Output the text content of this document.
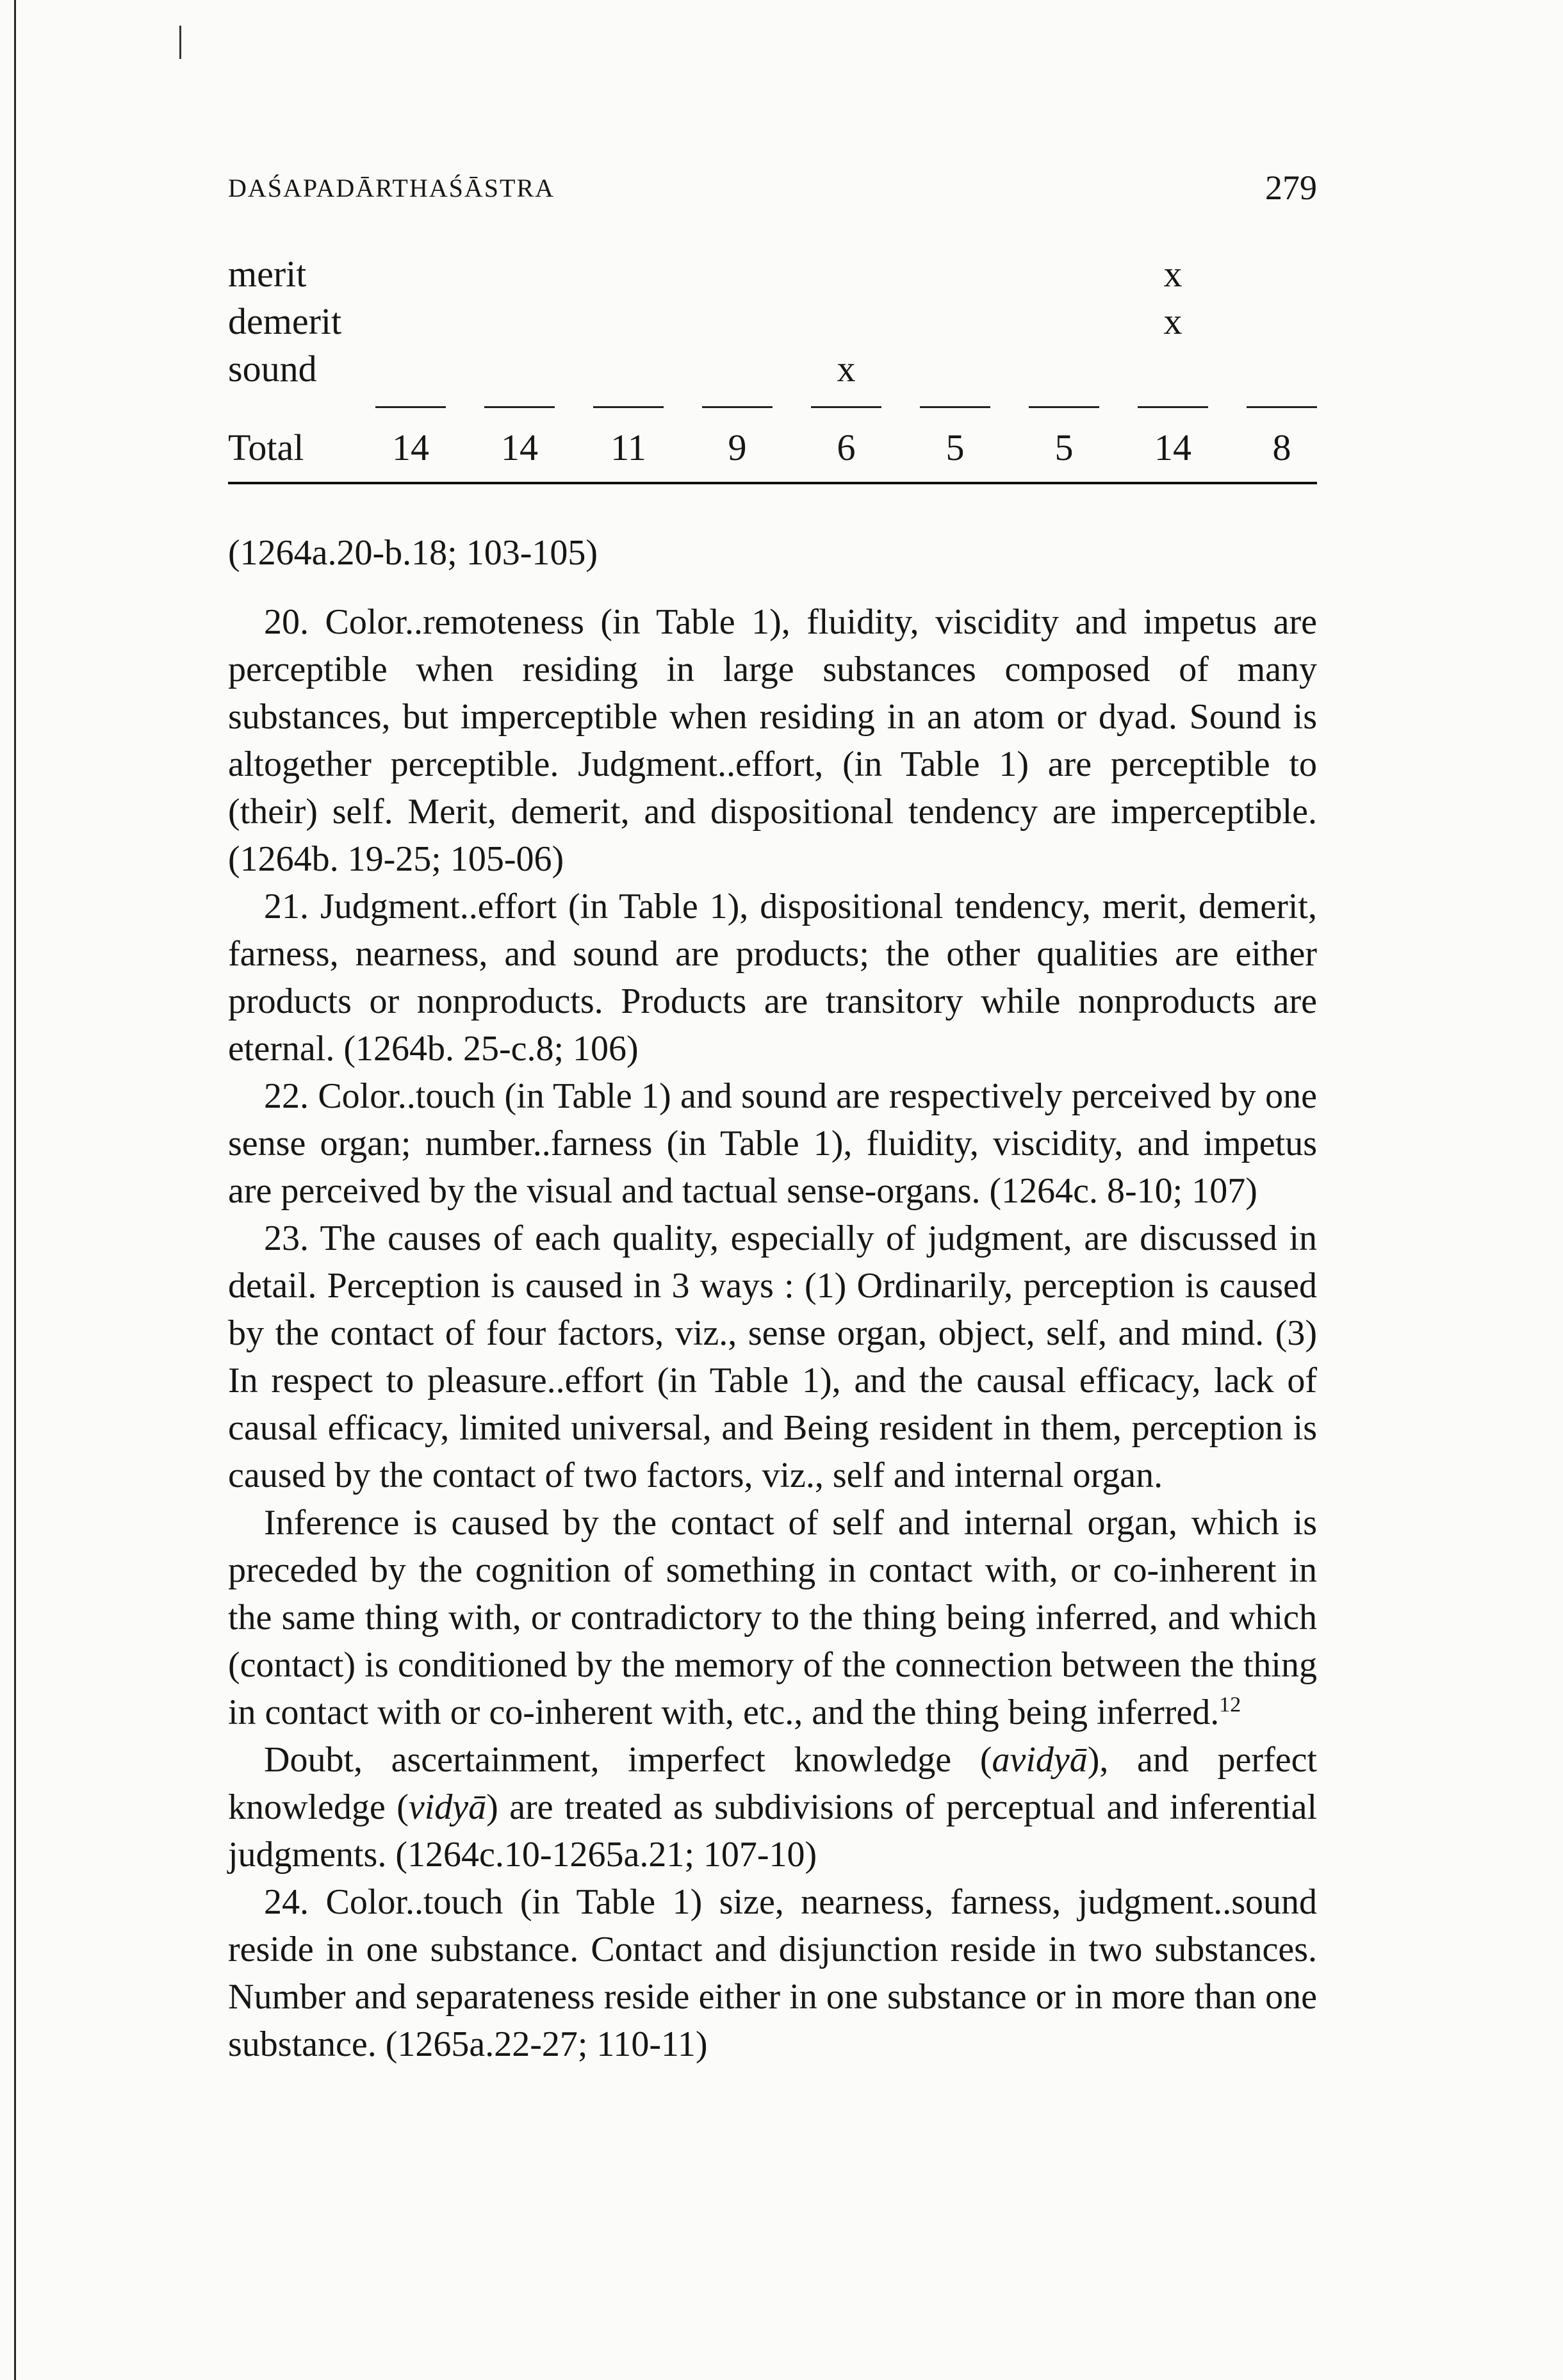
DAŚAPADĀRTHAŚĀSTRA	279
merit								x	
demerit								x	
sound					x				

Total	14	14	11	9	6	5	5	14	8

(1264a.20-b.18; 103-105)

20. Color..remoteness (in Table 1), fluidity, viscidity and impetus are perceptible when residing in large substances composed of many substances, but imperceptible when residing in an atom or dyad. Sound is altogether perceptible. Judgment..effort, (in Table 1) are perceptible to (their) self. Merit, demerit, and dispositional tendency are imperceptible. (1264b. 19-25; 105-06)

21. Judgment..effort (in Table 1), dispositional tendency, merit, demerit, farness, nearness, and sound are products; the other qualities are either products or nonproducts. Products are transitory while nonproducts are eternal. (1264b. 25-c.8; 106)

22. Color..touch (in Table 1) and sound are respectively perceived by one sense organ; number..farness (in Table 1), fluidity, viscidity, and impetus are perceived by the visual and tactual sense-organs. (1264c. 8-10; 107)

23. The causes of each quality, especially of judgment, are discussed in detail. Perception is caused in 3 ways : (1) Ordinarily, perception is caused by the contact of four factors, viz., sense organ, object, self, and mind. (3) In respect to pleasure..effort (in Table 1), and the causal efficacy, lack of causal efficacy, limited universal, and Being resident in them, perception is caused by the contact of two factors, viz., self and internal organ.

Inference is caused by the contact of self and internal organ, which is preceded by the cognition of something in contact with, or co-inherent in the same thing with, or contradictory to the thing being inferred, and which (contact) is conditioned by the memory of the connection between the thing in contact with or co-inherent with, etc., and the thing being inferred.$^{12}$

Doubt, ascertainment, imperfect knowledge (avidyā), and perfect knowledge (vidyā) are treated as subdivisions of perceptual and inferential judgments. (1264c.10-1265a.21; 107-10)

24. Color..touch (in Table 1) size, nearness, farness, judgment..sound reside in one substance. Contact and disjunction reside in two substances. Number and separateness reside either in one substance or in more than one substance. (1265a.22-27; 110-11)
